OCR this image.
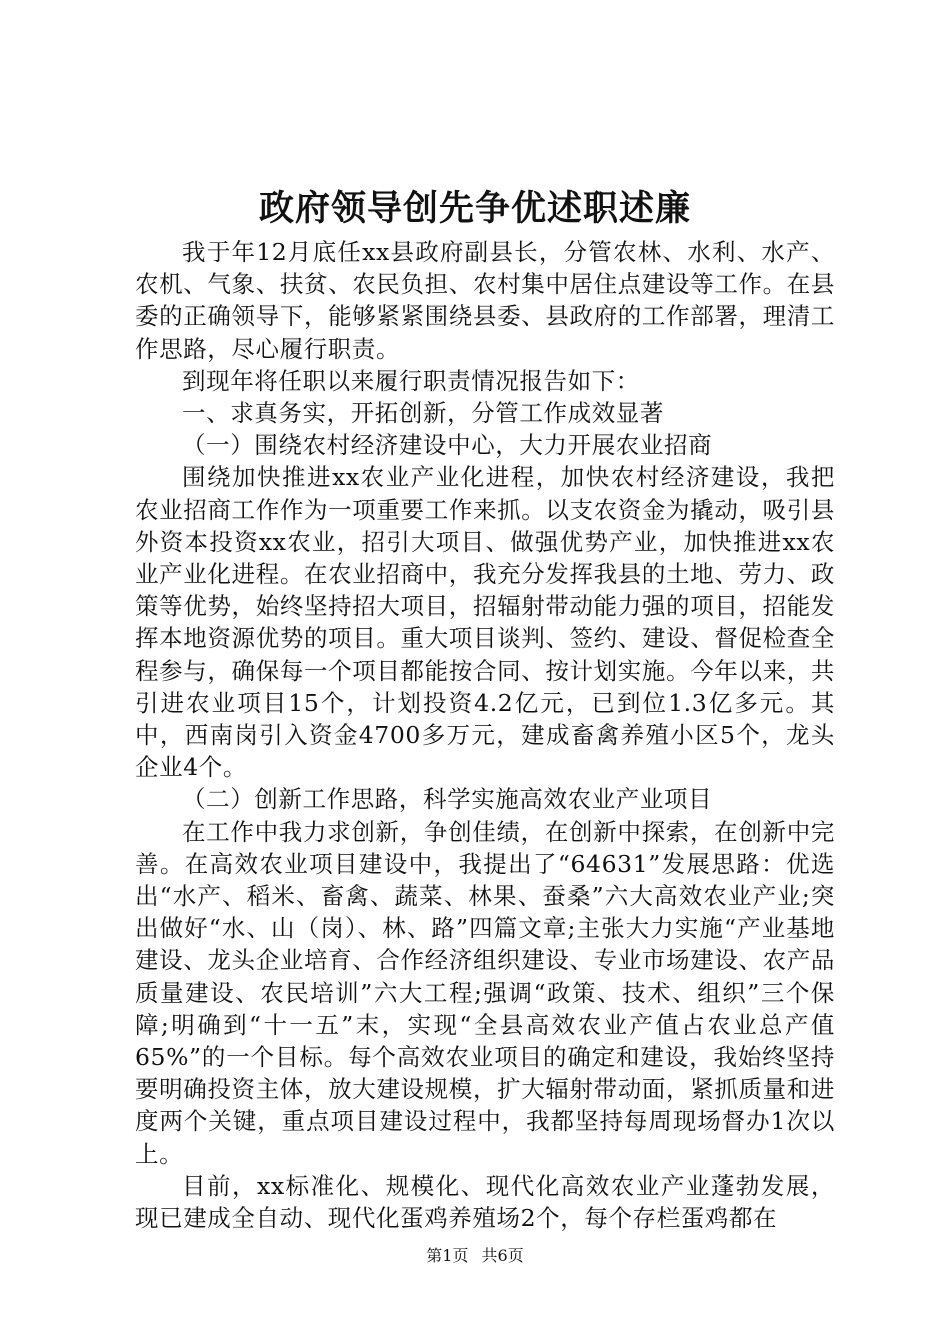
政府领导创先争优述职述廉

我于年12月底任xx县政府副县长，分管农林、水利、水产、农机、气象、扶贫、农民负担、农村集中居住点建设等工作。在县委的正确领导下，能够紧紧围绕县委、县政府的工作部署，理清工作思路，尽心履行职责。

到现年将任职以来履行职责情况报告如下：

一、求真务实，开拓创新，分管工作成效显著

（一）围绕农村经济建设中心，大力开展农业招商

围绕加快推进xx农业产业化进程，加快农村经济建设，我把农业招商工作作为一项重要工作来抓。以支农资金为撬动，吸引县外资本投资xx农业，招引大项目、做强优势产业，加快推进xx农业产业化进程。在农业招商中，我充分发挥我县的土地、劳力、政策等优势，始终坚持招大项目，招辐射带动能力强的项目，招能发挥本地资源优势的项目。重大项目谈判、签约、建设、督促检查全程参与，确保每一个项目都能按合同、按计划实施。今年以来，共引进农业项目15个，计划投资4.2亿元，已到位1.3亿多元。其中，西南岗引入资金4700多万元，建成畜禽养殖小区5个，龙头企业4个。

（二）创新工作思路，科学实施高效农业产业项目

在工作中我力求创新，争创佳绩，在创新中探索，在创新中完善。在高效农业项目建设中，我提出了“64631”发展思路：优选出“水产、稻米、畜禽、蔬菜、林果、蚕桑”六大高效农业产业;突出做好“水、山（岗）、林、路”四篇文章;主张大力实施“产业基地建设、龙头企业培育、合作经济组织建设、专业市场建设、农产品质量建设、农民培训”六大工程;强调“政策、技术、组织”三个保障;明确到“十一五”末，实现“全县高效农业产值占农业总产值65%”的一个目标。每个高效农业项目的确定和建设，我始终坚持要明确投资主体，放大建设规模，扩大辐射带动面，紧抓质量和进度两个关键，重点项目建设过程中，我都坚持每周现场督办1次以上。

目前，xx标准化、规模化、现代化高效农业产业蓬勃发展，现已建成全自动、现代化蛋鸡养殖场2个，每个存栏蛋鸡都在

第1页 共6页
